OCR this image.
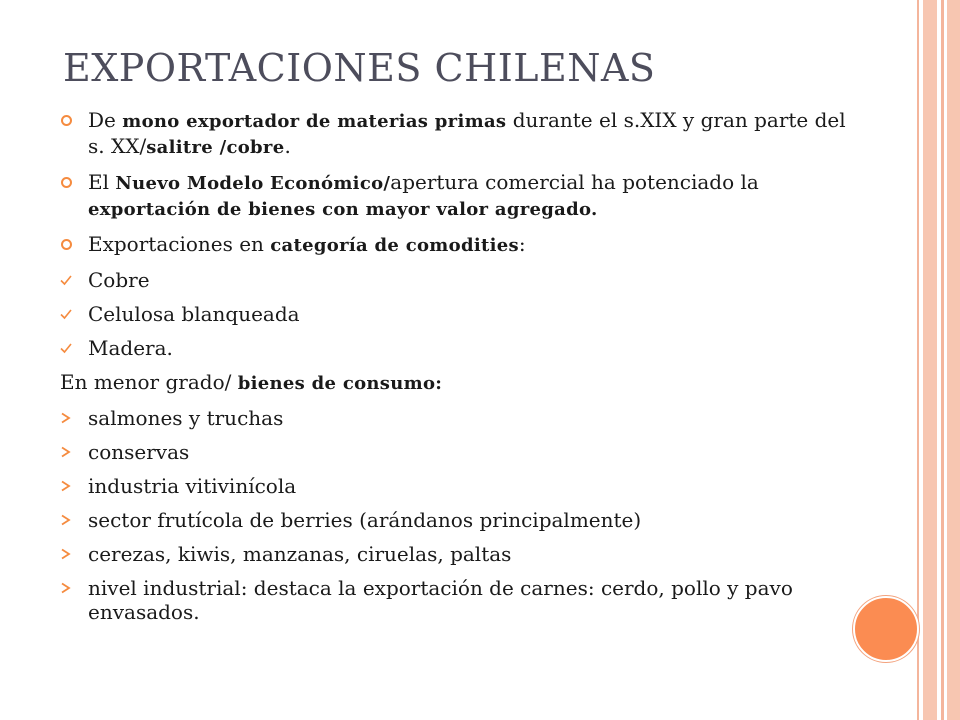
EXPORTACIONES CHILENAS
De mono exportador de materias primas durante el s.XIX y gran parte del s. XX/salitre /cobre.
El Nuevo Modelo Económico/apertura comercial ha potenciado la exportación de bienes con mayor valor agregado.
Exportaciones en categoría de comodities:
Cobre
Celulosa blanqueada
Madera.
En menor grado/ bienes de consumo:
salmones y truchas
conservas
industria vitivinícola
sector frutícola de berries (arándanos principalmente)
cerezas, kiwis, manzanas, ciruelas, paltas
nivel industrial: destaca la exportación de carnes: cerdo, pollo y pavo envasados.
